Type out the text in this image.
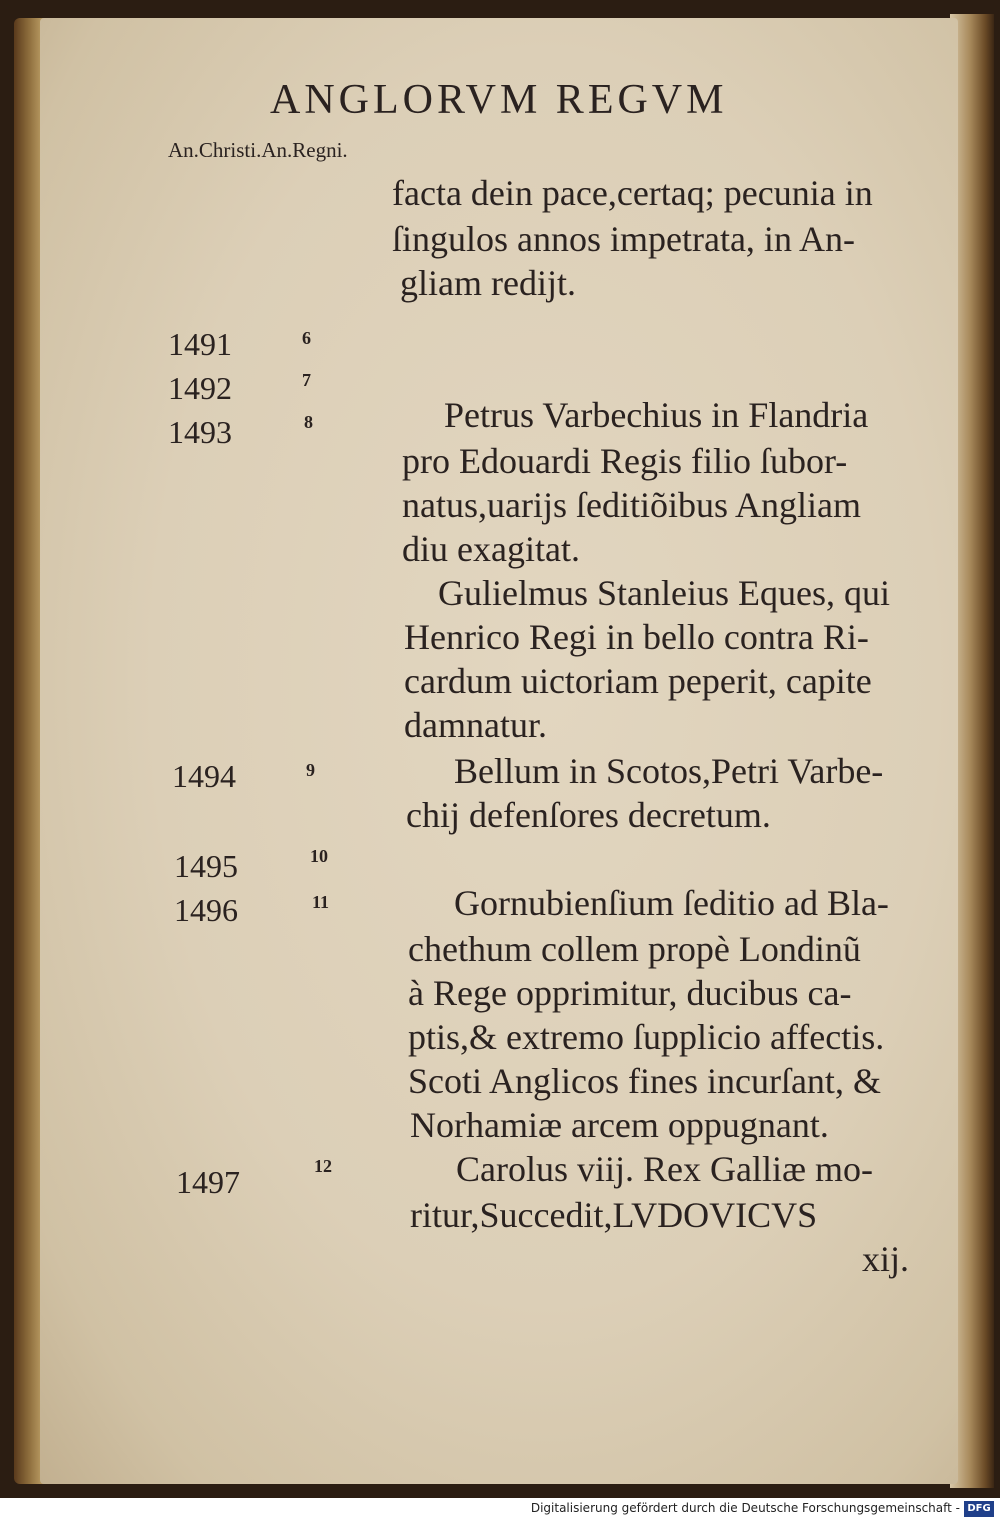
ANGLORVM REGVM
An.Christi.An.Regni.
1491
1492
1493
1494
1495
1496
1497
6
7
8
9
10
11
12
facta dein pace,certaq; pecunia in
ſingulos annos impetrata, in An-
gliam redijt.
Petrus Varbechius in Flandria
pro Edouardi Regis filio ſubor-
natus,uarijs ſeditiõibus Angliam
diu exagitat.
Gulielmus Stanleius Eques, qui
Henrico Regi in bello contra Ri-
cardum uictoriam peperit, capite
damnatur.
Bellum in Scotos,Petri Varbe-
chij defenſores decretum.
Gornubienſium ſeditio ad Bla-
chethum collem propè Londinũ
à Rege opprimitur, ducibus ca-
ptis,& extremo ſupplicio affectis.
Scoti Anglicos fines incurſant, &
Norhamiæ arcem oppugnant.
Carolus viij. Rex Galliæ mo-
ritur,Succedit,LVDOVICVS
xij.
Digitalisierung gefördert durch die Deutsche Forschungsgemeinschaft - DFG
